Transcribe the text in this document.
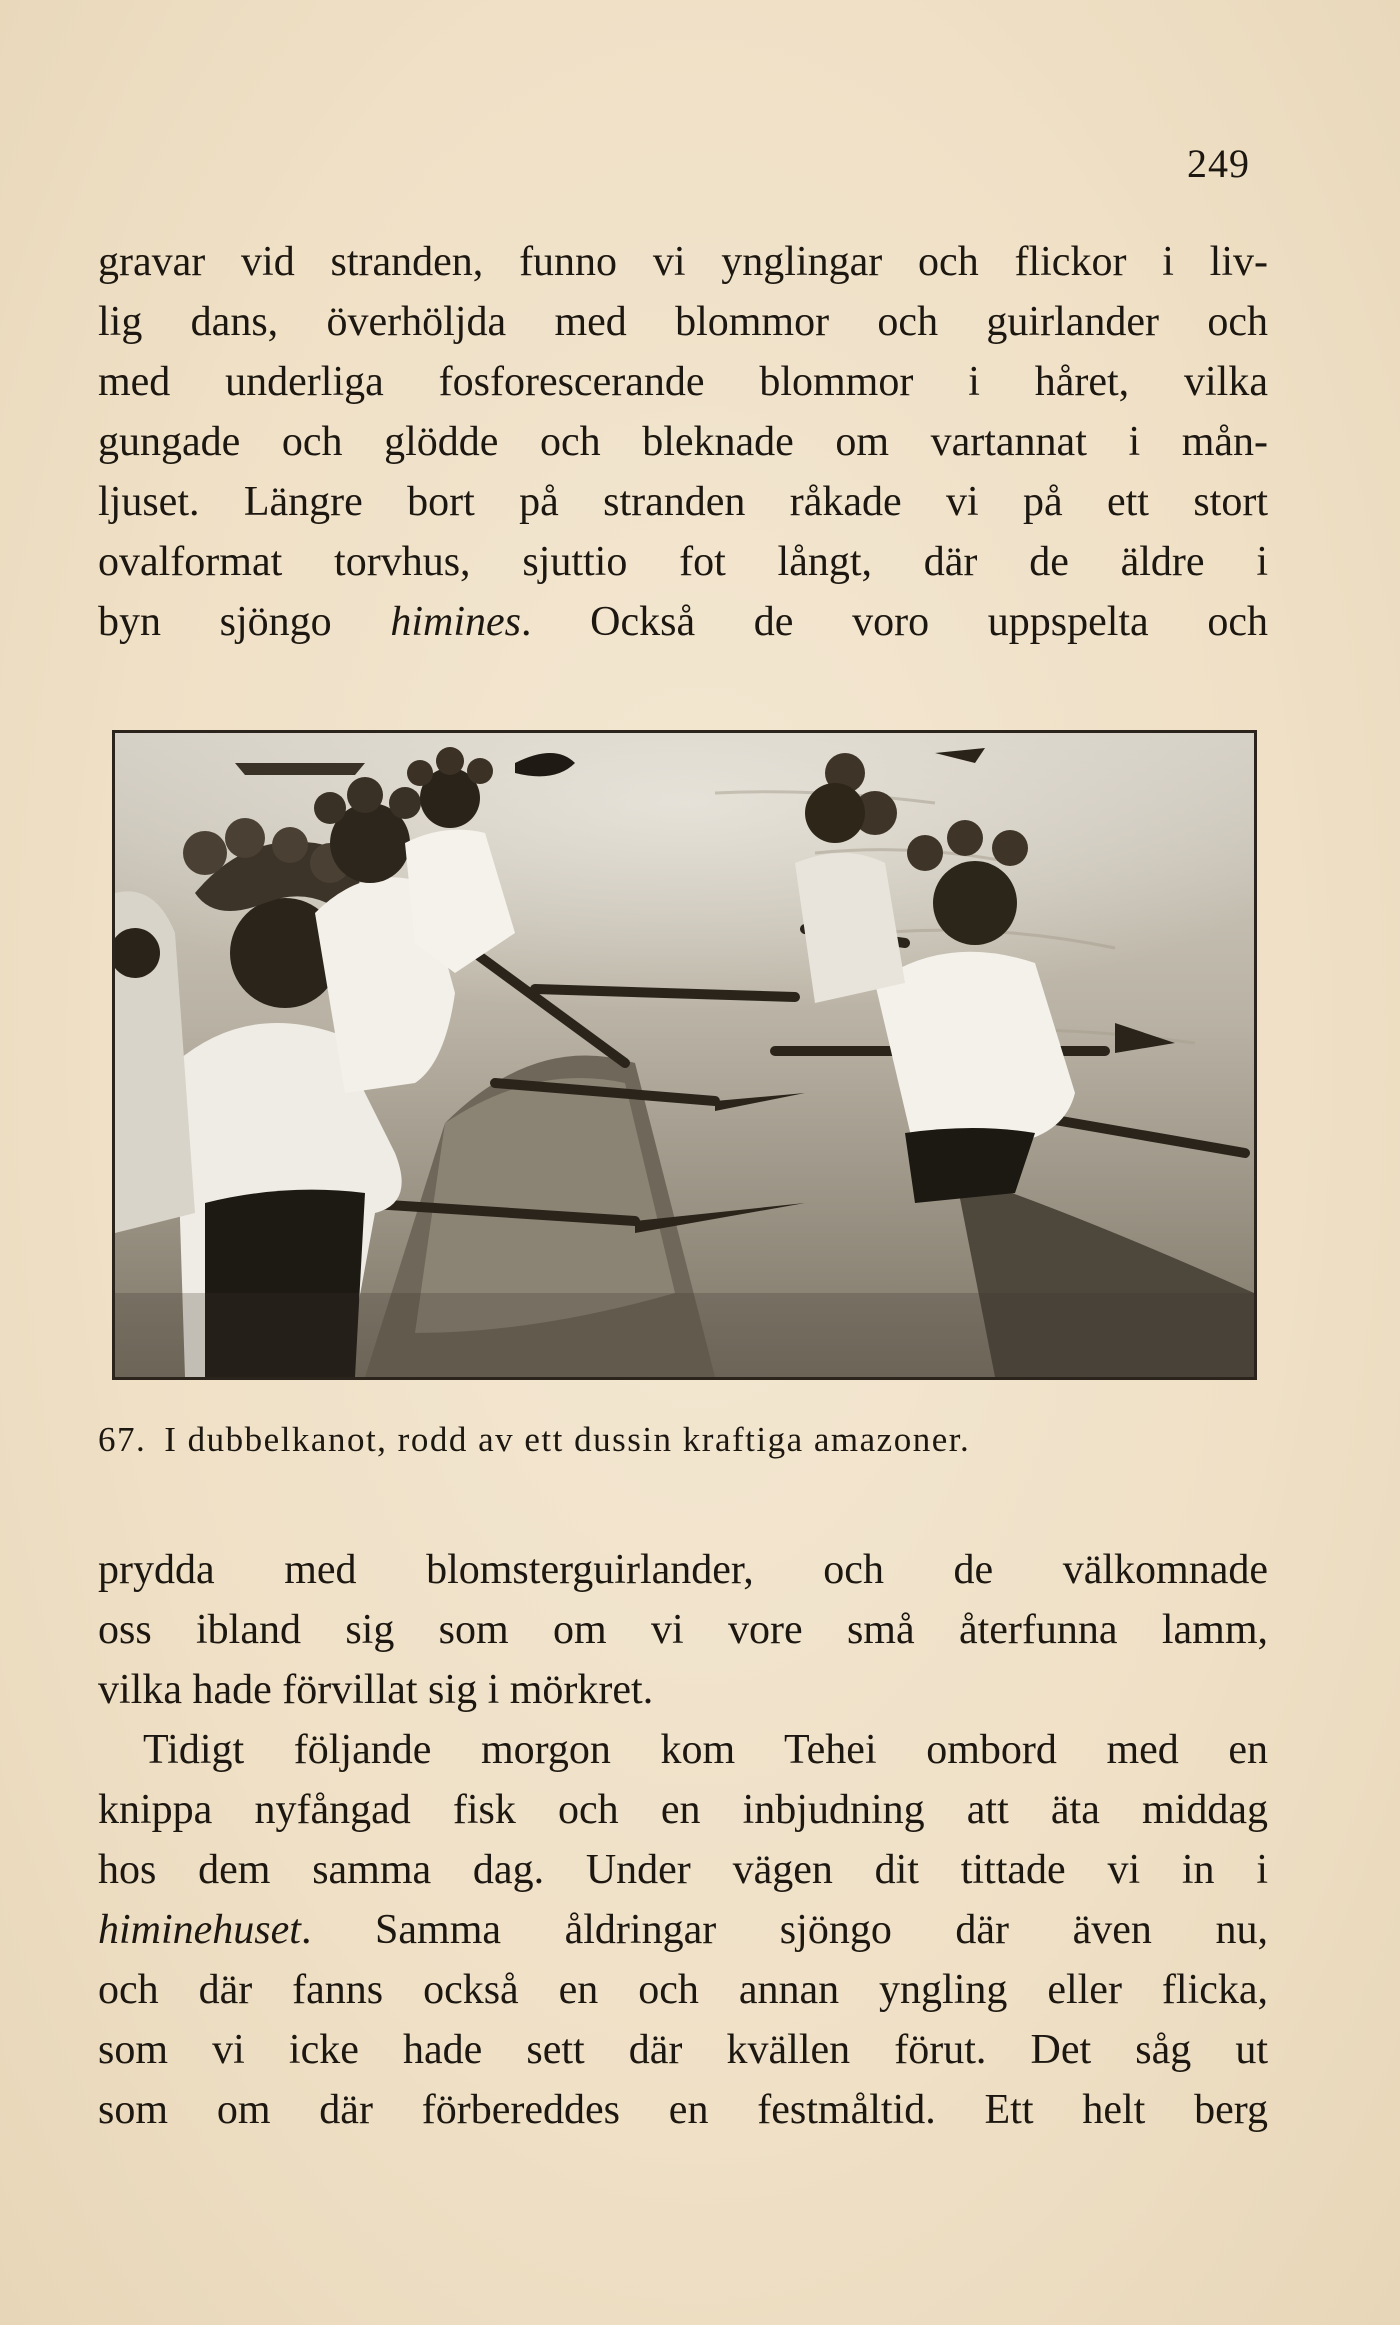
249
gravar vid stranden, funno vi ynglingar och flickor i liv-
lig dans, överhöljda med blommor och guirlander och
med underliga fosforescerande blommor i håret, vilka
gungade och glödde och bleknade om vartannat i mån-
ljuset. Längre bort på stranden råkade vi på ett stort
ovalformat torvhus, sjuttio fot långt, där de äldre i
byn sjöngo himines. Också de voro uppspelta och
67. I dubbelkanot, rodd av ett dussin kraftiga amazoner.
prydda med blomsterguirlander, och de välkomnade
oss ibland sig som om vi vore små återfunna lamm,
vilka hade förvillat sig i mörkret.
Tidigt följande morgon kom Tehei ombord med en
knippa nyfångad fisk och en inbjudning att äta middag
hos dem samma dag. Under vägen dit tittade vi in i
himinehuset. Samma åldringar sjöngo där även nu,
och där fanns också en och annan yngling eller flicka,
som vi icke hade sett där kvällen förut. Det såg ut
som om där förbereddes en festmåltid. Ett helt berg
